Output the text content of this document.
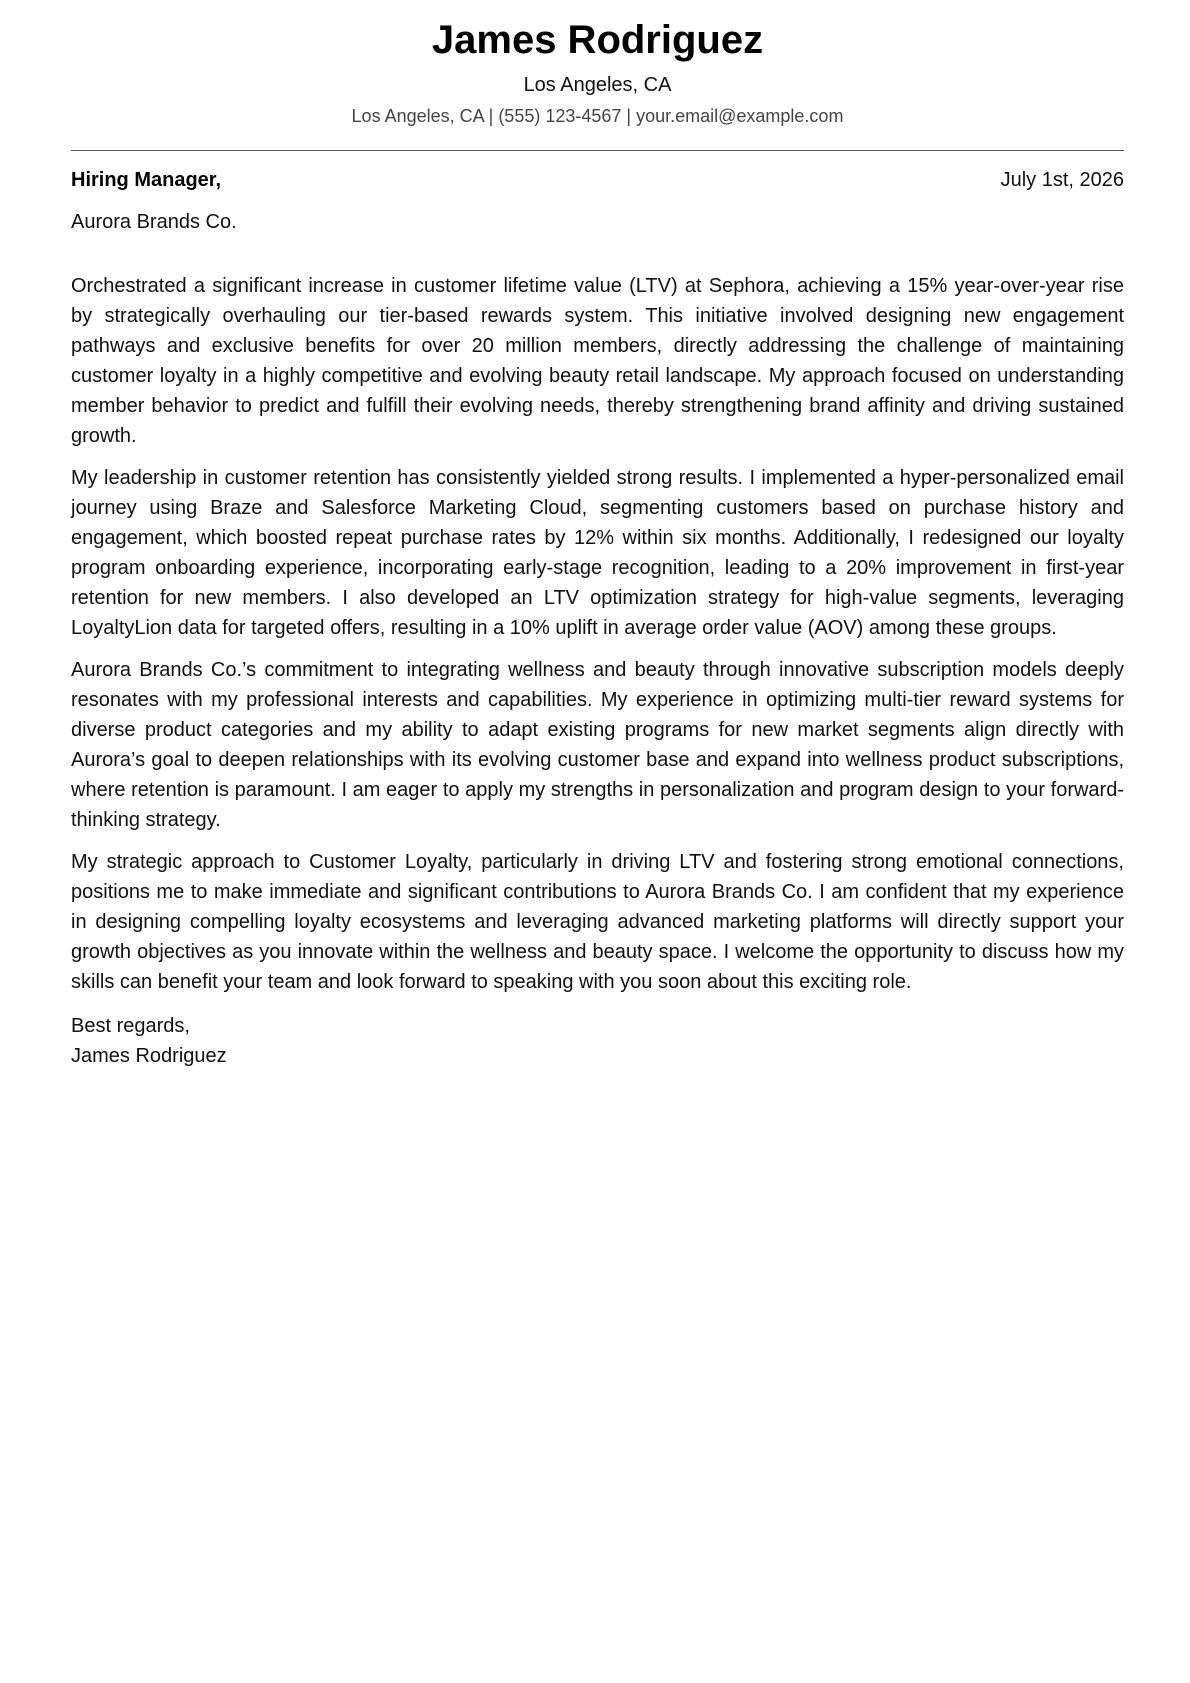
James Rodriguez
Los Angeles, CA
Los Angeles, CA | (555) 123-4567 | your.email@example.com
Hiring Manager,	July 1st, 2026
Aurora Brands Co.

Orchestrated a significant increase in customer lifetime value (LTV) at Sephora, achieving a 15% year-over-year rise by strategically overhauling our tier-based rewards system. This initiative involved designing new engagement pathways and exclusive benefits for over 20 million members, directly addressing the challenge of maintaining customer loyalty in a highly competitive and evolving beauty retail landscape. My approach focused on understanding member behavior to predict and fulfill their evolving needs, thereby strengthening brand affinity and driving sustained growth.

My leadership in customer retention has consistently yielded strong results. I implemented a hyper-personalized email journey using Braze and Salesforce Marketing Cloud, segmenting customers based on purchase history and engagement, which boosted repeat purchase rates by 12% within six months. Additionally, I redesigned our loyalty program onboarding experience, incorporating early-stage recognition, leading to a 20% improvement in first-year retention for new members. I also developed an LTV optimization strategy for high-value segments, leveraging LoyaltyLion data for targeted offers, resulting in a 10% uplift in average order value (AOV) among these groups.

Aurora Brands Co.’s commitment to integrating wellness and beauty through innovative subscription models deeply resonates with my professional interests and capabilities. My experience in optimizing multi-tier reward systems for diverse product categories and my ability to adapt existing programs for new market segments align directly with Aurora’s goal to deepen relationships with its evolving customer base and expand into wellness product subscriptions, where retention is paramount. I am eager to apply my strengths in personalization and program design to your forward-thinking strategy.

My strategic approach to Customer Loyalty, particularly in driving LTV and fostering strong emotional connections, positions me to make immediate and significant contributions to Aurora Brands Co. I am confident that my experience in designing compelling loyalty ecosystems and leveraging advanced marketing platforms will directly support your growth objectives as you innovate within the wellness and beauty space. I welcome the opportunity to discuss how my skills can benefit your team and look forward to speaking with you soon about this exciting role.

Best regards,
James Rodriguez
